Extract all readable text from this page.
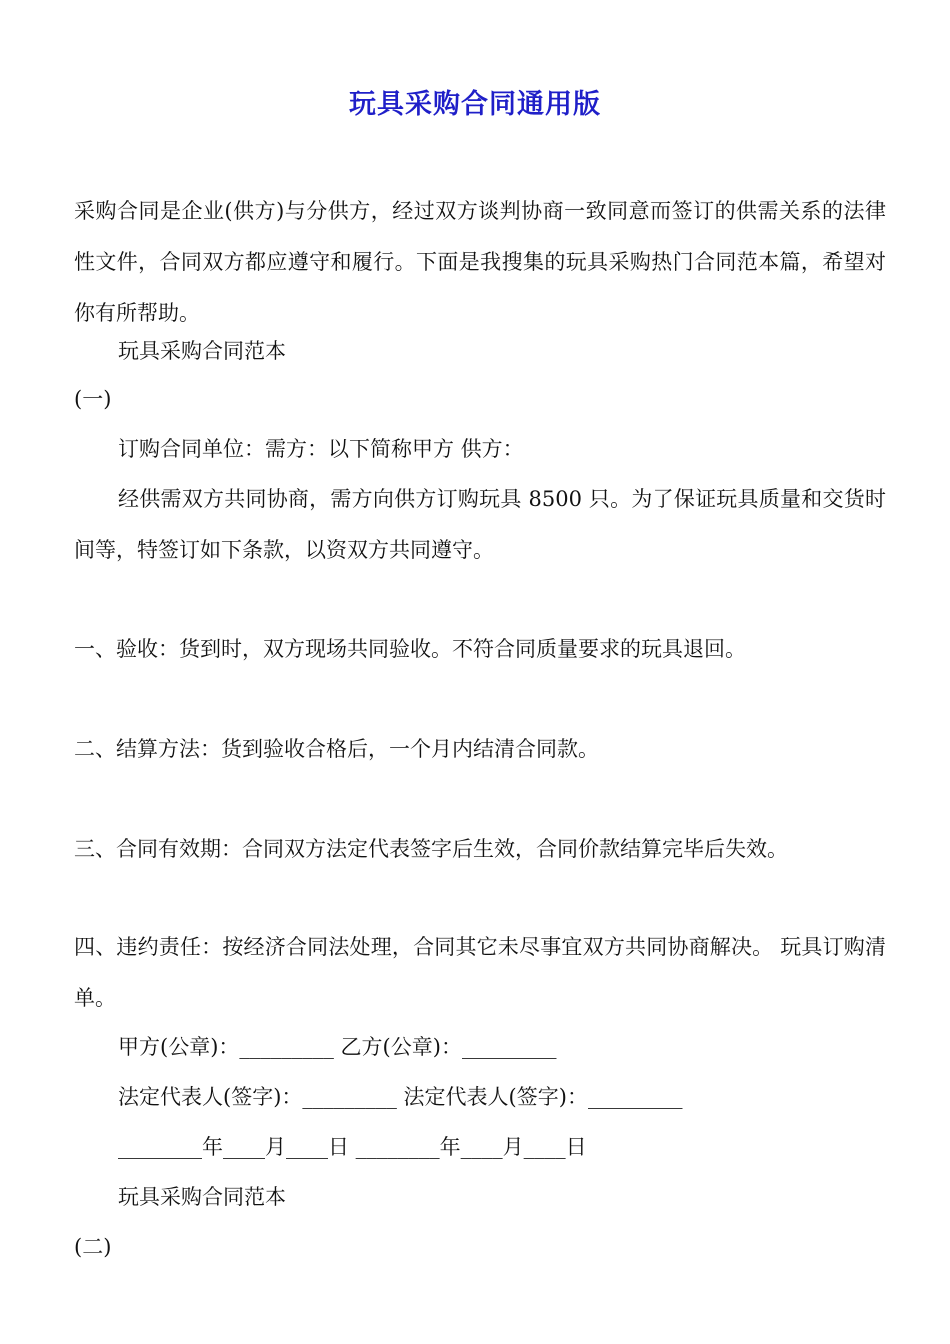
玩具采购合同通用版
采购合同是企业(供方)与分供方，经过双方谈判协商一致同意而签订的供需关系的法律性文件，合同双方都应遵守和履行。下面是我搜集的玩具采购热门合同范本篇，希望对你有所帮助。
玩具采购合同范本
(一)
订购合同单位：需方：以下简称甲方 供方：
经供需双方共同协商，需方向供方订购玩具 8500 只。为了保证玩具质量和交货时间等，特签订如下条款，以资双方共同遵守。
一、验收：货到时，双方现场共同验收。不符合同质量要求的玩具退回。
二、结算方法：货到验收合格后，一个月内结清合同款。
三、合同有效期：合同双方法定代表签字后生效，合同价款结算完毕后失效。
四、违约责任：按经济合同法处理，合同其它未尽事宜双方共同协商解决。 玩具订购清单。
甲方(公章)：_________ 乙方(公章)：_________
法定代表人(签字)：_________ 法定代表人(签字)：_________
________年____月____日 ________年____月____日
玩具采购合同范本
(二)
